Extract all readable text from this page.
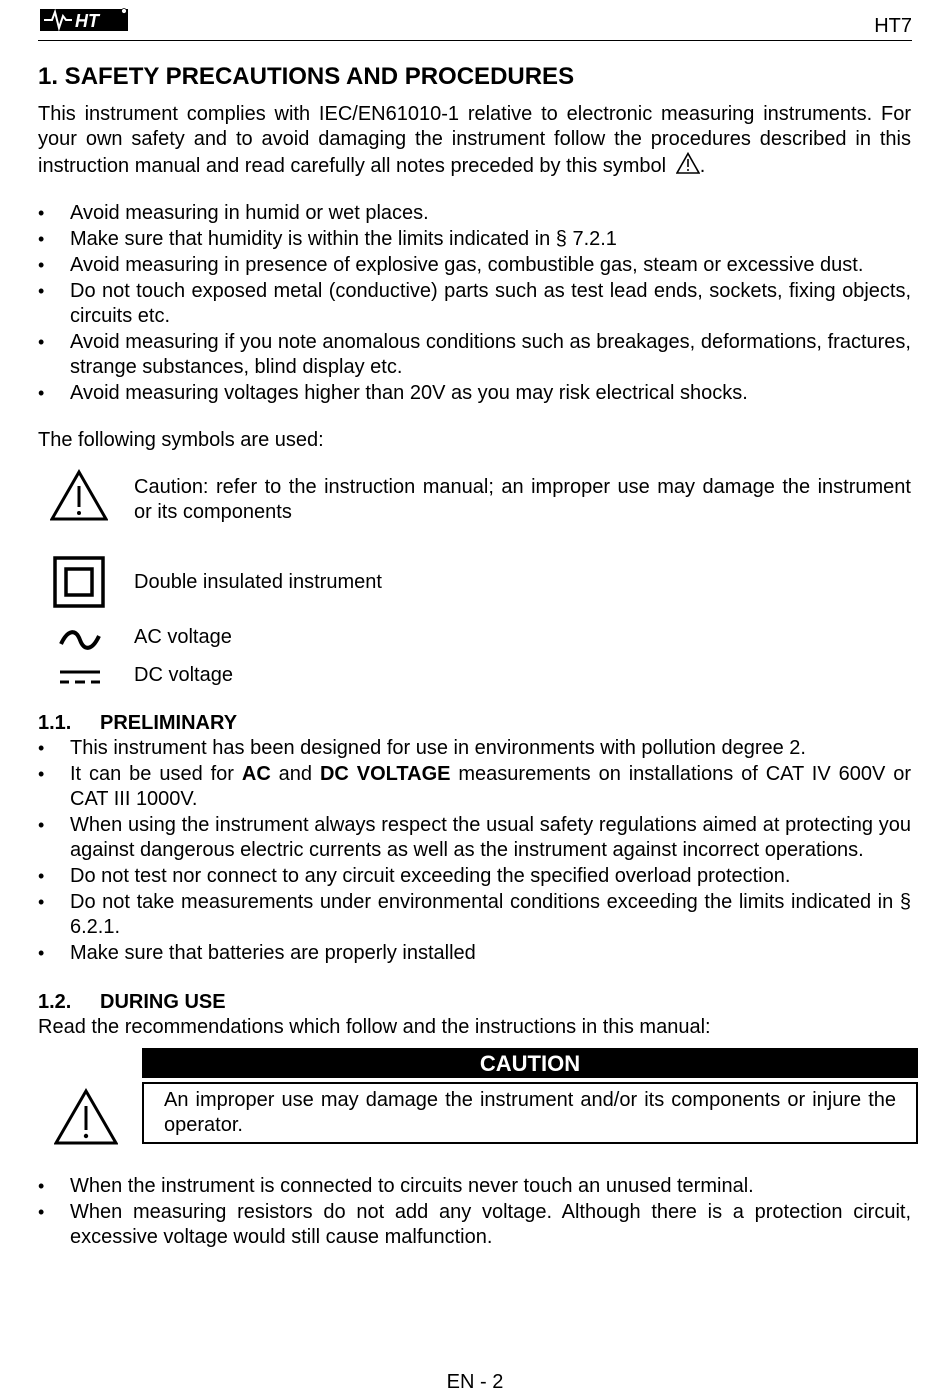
HT	HT7
1. SAFETY PRECAUTIONS AND PROCEDURES

This instrument complies with IEC/EN61010-1 relative to electronic measuring instruments. For your own safety and to avoid damaging the instrument follow the procedures described in this instruction manual and read carefully all notes preceded by this symbol .

• Avoid measuring in humid or wet places.
• Make sure that humidity is within the limits indicated in § 7.2.1
• Avoid measuring in presence of explosive gas, combustible gas, steam or excessive dust.
• Do not touch exposed metal (conductive) parts such as test lead ends, sockets, fixing objects, circuits etc.
• Avoid measuring if you note anomalous conditions such as breakages, deformations, fractures, strange substances, blind display etc.
• Avoid measuring voltages higher than 20V as you may risk electrical shocks.

The following symbols are used:

Caution: refer to the instruction manual; an improper use may damage the instrument or its components
Double insulated instrument
AC voltage
DC voltage
1.1. PRELIMINARY
• This instrument has been designed for use in environments with pollution degree 2.
• It can be used for AC and DC VOLTAGE measurements on installations of CAT IV 600V or CAT III 1000V.
• When using the instrument always respect the usual safety regulations aimed at protecting you against dangerous electric currents as well as the instrument against incorrect operations.
• Do not test nor connect to any circuit exceeding the specified overload protection.
• Do not take measurements under environmental conditions exceeding the limits indicated in § 6.2.1.
• Make sure that batteries are properly installed
1.2. DURING USE

Read the recommendations which follow and the instructions in this manual:

CAUTION
An improper use may damage the instrument and/or its components or injure the operator.
• When the instrument is connected to circuits never touch an unused terminal.
• When measuring resistors do not add any voltage. Although there is a protection circuit, excessive voltage would still cause malfunction.
EN - 2
